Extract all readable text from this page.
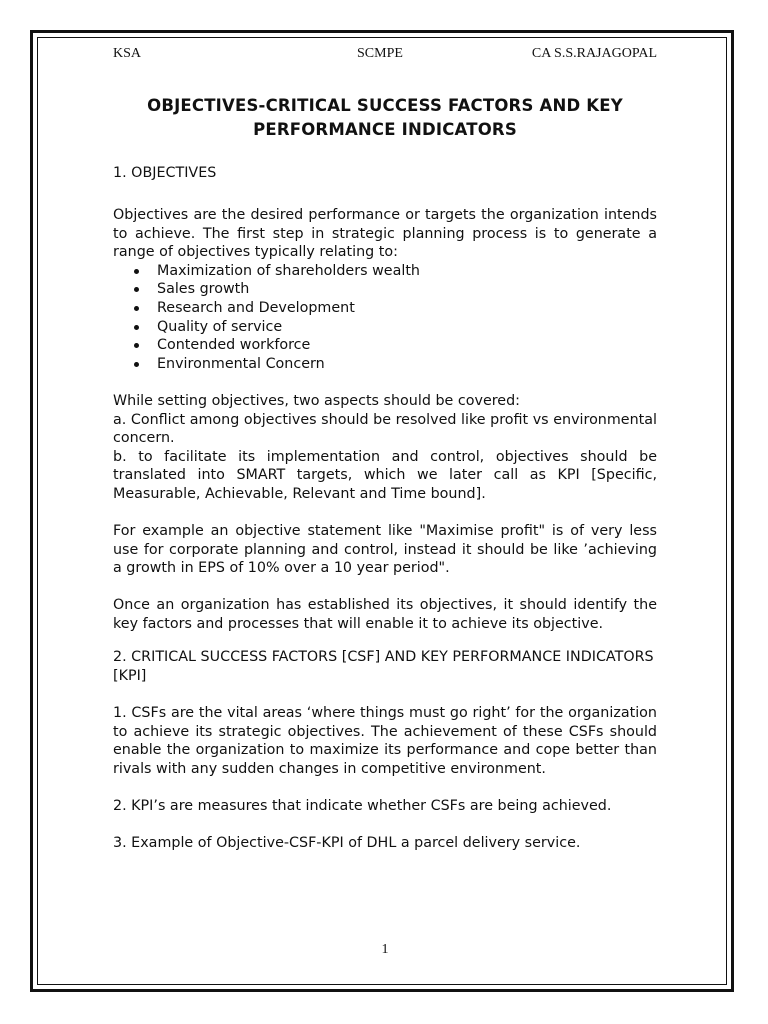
KSA	SCMPE	CA S.S.RAJAGOPAL
OBJECTIVES-CRITICAL SUCCESS FACTORS AND KEY
PERFORMANCE INDICATORS
1. OBJECTIVES

Objectives are the desired performance or targets the organization intends to achieve. The first step in strategic planning process is to generate a range of objectives typically relating to:

Maximization of shareholders wealth
Sales growth
Research and Development
Quality of service
Contended workforce
Environmental Concern

While setting objectives, two aspects should be covered:

a. Conflict among objectives should be resolved like profit vs environmental concern.

b. to facilitate its implementation and control, objectives should be translated into SMART targets, which we later call as KPI [Specific, Measurable, Achievable, Relevant and Time bound].

For example an objective statement like "Maximise profit" is of very less use for corporate planning and control, instead it should be like ’achieving a growth in EPS of 10% over a 10 year period".

Once an organization has established its objectives, it should identify the key factors and processes that will enable it to achieve its objective.

2. CRITICAL SUCCESS FACTORS [CSF] AND KEY PERFORMANCE INDICATORS [KPI]

1. CSFs are the vital areas ‘where things must go right’ for the organization to achieve its strategic objectives. The achievement of these CSFs should enable the organization to maximize its performance and cope better than rivals with any sudden changes in competitive environment.

2. KPI’s are measures that indicate whether CSFs are being achieved.

3. Example of Objective-CSF-KPI of DHL a parcel delivery service.

1
